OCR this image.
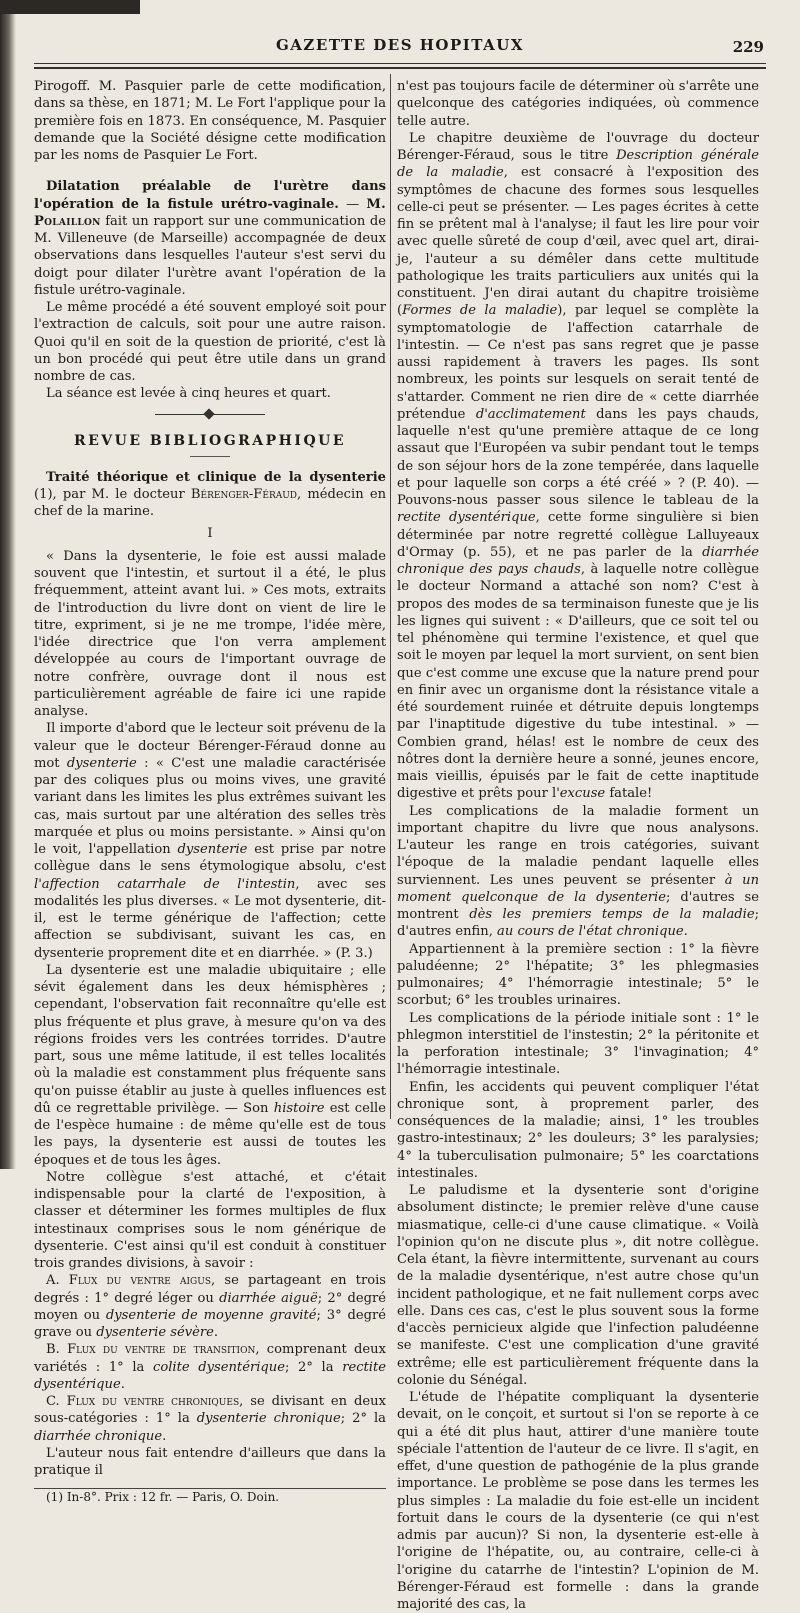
GAZETTE DES HOPITAUX	229

Pirogoff. M. Pasquier parle de cette modification, dans sa thèse, en 1871; M. Le Fort l'applique pour la première fois en 1873. En conséquence, M. Pasquier demande que la Société désigne cette modification par les noms de Pasquier Le Fort.

Dilatation préalable de l'urètre dans l'opération de la fistule urétro-vaginale. — M. Polaillon fait un rapport sur une communication de M. Villeneuve (de Marseille) accompagnée de deux observations dans lesquelles l'auteur s'est servi du doigt pour dilater l'urètre avant l'opération de la fistule urétro-vaginale.

Le même procédé a été souvent employé soit pour l'extraction de calculs, soit pour une autre raison. Quoi qu'il en soit de la question de priorité, c'est là un bon procédé qui peut être utile dans un grand nombre de cas.

La séance est levée à cinq heures et quart.

REVUE BIBLIOGRAPHIQUE

Traité théorique et clinique de la dysenterie (1), par M. le docteur Bérenger-Féraud, médecin en chef de la marine.

I

« Dans la dysenterie, le foie est aussi malade souvent que l'intestin, et surtout il a été, le plus fréquemment, atteint avant lui. » Ces mots, extraits de l'introduction du livre dont on vient de lire le titre, expriment, si je ne me trompe, l'idée mère, l'idée directrice que l'on verra amplement développée au cours de l'important ouvrage de notre confrère, ouvrage dont il nous est particulièrement agréable de faire ici une rapide analyse.

Il importe d'abord que le lecteur soit prévenu de la valeur que le docteur Bérenger-Féraud donne au mot dysenterie : « C'est une maladie caractérisée par des coliques plus ou moins vives, une gravité variant dans les limites les plus extrêmes suivant les cas, mais surtout par une altération des selles très marquée et plus ou moins persistante. » Ainsi qu'on le voit, l'appellation dysenterie est prise par notre collègue dans le sens étymologique absolu, c'est l'affection catarrhale de l'intestin, avec ses modalités les plus diverses. « Le mot dysenterie, dit-il, est le terme générique de l'affection; cette affection se subdivisant, suivant les cas, en dysenterie proprement dite et en diarrhée. » (P. 3.)

La dysenterie est une maladie ubiquitaire ; elle sévit également dans les deux hémisphères ; cependant, l'observation fait reconnaître qu'elle est plus fréquente et plus grave, à mesure qu'on va des régions froides vers les contrées torrides. D'autre part, sous une même latitude, il est telles localités où la maladie est constamment plus fréquente sans qu'on puisse établir au juste à quelles influences est dû ce regrettable privilège. — Son histoire est celle de l'espèce humaine : de même qu'elle est de tous les pays, la dysenterie est aussi de toutes les époques et de tous les âges.

Notre collègue s'est attaché, et c'était indispensable pour la clarté de l'exposition, à classer et déterminer les formes multiples de flux intestinaux comprises sous le nom générique de dysenterie. C'est ainsi qu'il est conduit à constituer trois grandes divisions, à savoir :

A. Flux du ventre aigus, se partageant en trois degrés : 1° degré léger ou diarrhée aiguë; 2° degré moyen ou dysenterie de moyenne gravité; 3° degré grave ou dysenterie sévère.

B. Flux du ventre de transition, comprenant deux variétés : 1° la colite dysentérique; 2° la rectite dysentérique.

C. Flux du ventre chroniques, se divisant en deux sous-catégories : 1° la dysenterie chronique; 2° la diarrhée chronique.

L'auteur nous fait entendre d'ailleurs que dans la pratique il

(1) In-8°. Prix : 12 fr. — Paris, O. Doin.

n'est pas toujours facile de déterminer où s'arrête une quelconque des catégories indiquées, où commence telle autre.

Le chapitre deuxième de l'ouvrage du docteur Bérenger-Féraud, sous le titre Description générale de la maladie, est consacré à l'exposition des symptômes de chacune des formes sous lesquelles celle-ci peut se présenter. — Les pages écrites à cette fin se prêtent mal à l'analyse; il faut les lire pour voir avec quelle sûreté de coup d'œil, avec quel art, dirai-je, l'auteur a su démêler dans cette multitude pathologique les traits particuliers aux unités qui la constituent. J'en dirai autant du chapitre troisième (Formes de la maladie), par lequel se complète la symptomatologie de l'affection catarrhale de l'intestin. — Ce n'est pas sans regret que je passe aussi rapidement à travers les pages. Ils sont nombreux, les points sur lesquels on serait tenté de s'attarder. Comment ne rien dire de « cette diarrhée prétendue d'acclimatement dans les pays chauds, laquelle n'est qu'une première attaque de ce long assaut que l'Européen va subir pendant tout le temps de son séjour hors de la zone tempérée, dans laquelle et pour laquelle son corps a été créé » ? (P. 40). — Pouvons-nous passer sous silence le tableau de la rectite dysentérique, cette forme singulière si bien déterminée par notre regretté collègue Lalluyeaux d'Ormay (p. 55), et ne pas parler de la diarrhée chronique des pays chauds, à laquelle notre collègue le docteur Normand a attaché son nom? C'est à propos des modes de sa terminaison funeste que je lis les lignes qui suivent : « D'ailleurs, que ce soit tel ou tel phénomène qui termine l'existence, et quel que soit le moyen par lequel la mort survient, on sent bien que c'est comme une excuse que la nature prend pour en finir avec un organisme dont la résistance vitale a été sourdement ruinée et détruite depuis longtemps par l'inaptitude digestive du tube intestinal. » — Combien grand, hélas! est le nombre de ceux des nôtres dont la dernière heure a sonné, jeunes encore, mais vieillis, épuisés par le fait de cette inaptitude digestive et prêts pour l'excuse fatale!

Les complications de la maladie forment un important chapitre du livre que nous analysons. L'auteur les range en trois catégories, suivant l'époque de la maladie pendant laquelle elles surviennent. Les unes peuvent se présenter à un moment quelconque de la dysenterie; d'autres se montrent dès les premiers temps de la maladie; d'autres enfin, au cours de l'état chronique.

Appartiennent à la première section : 1° la fièvre paludéenne; 2° l'hépatite; 3° les phlegmasies pulmonaires; 4° l'hémorragie intestinale; 5° le scorbut; 6° les troubles urinaires.

Les complications de la période initiale sont : 1° le phlegmon interstitiel de l'instestin; 2° la péritonite et la perforation intestinale; 3° l'invagination; 4° l'hémorragie intestinale.

Enfin, les accidents qui peuvent compliquer l'état chronique sont, à proprement parler, des conséquences de la maladie; ainsi, 1° les troubles gastro-intestinaux; 2° les douleurs; 3° les paralysies; 4° la tuberculisation pulmonaire; 5° les coarctations intestinales.

Le paludisme et la dysenterie sont d'origine absolument distincte; le premier relève d'une cause miasmatique, celle-ci d'une cause climatique. « Voilà l'opinion qu'on ne discute plus », dit notre collègue. Cela étant, la fièvre intermittente, survenant au cours de la maladie dysentérique, n'est autre chose qu'un incident pathologique, et ne fait nullement corps avec elle. Dans ces cas, c'est le plus souvent sous la forme d'accès pernicieux algide que l'infection paludéenne se manifeste. C'est une complication d'une gravité extrême; elle est particulièrement fréquente dans la colonie du Sénégal.

L'étude de l'hépatite compliquant la dysenterie devait, on le conçoit, et surtout si l'on se reporte à ce qui a été dit plus haut, attirer d'une manière toute spéciale l'attention de l'auteur de ce livre. Il s'agit, en effet, d'une question de pathogénie de la plus grande importance. Le problème se pose dans les termes les plus simples : La maladie du foie est-elle un incident fortuit dans le cours de la dysenterie (ce qui n'est admis par aucun)? Si non, la dysenterie est-elle à l'origine de l'hépatite, ou, au contraire, celle-ci à l'origine du catarrhe de l'intestin? L'opinion de M. Bérenger-Féraud est formelle : dans la grande majorité des cas, la
